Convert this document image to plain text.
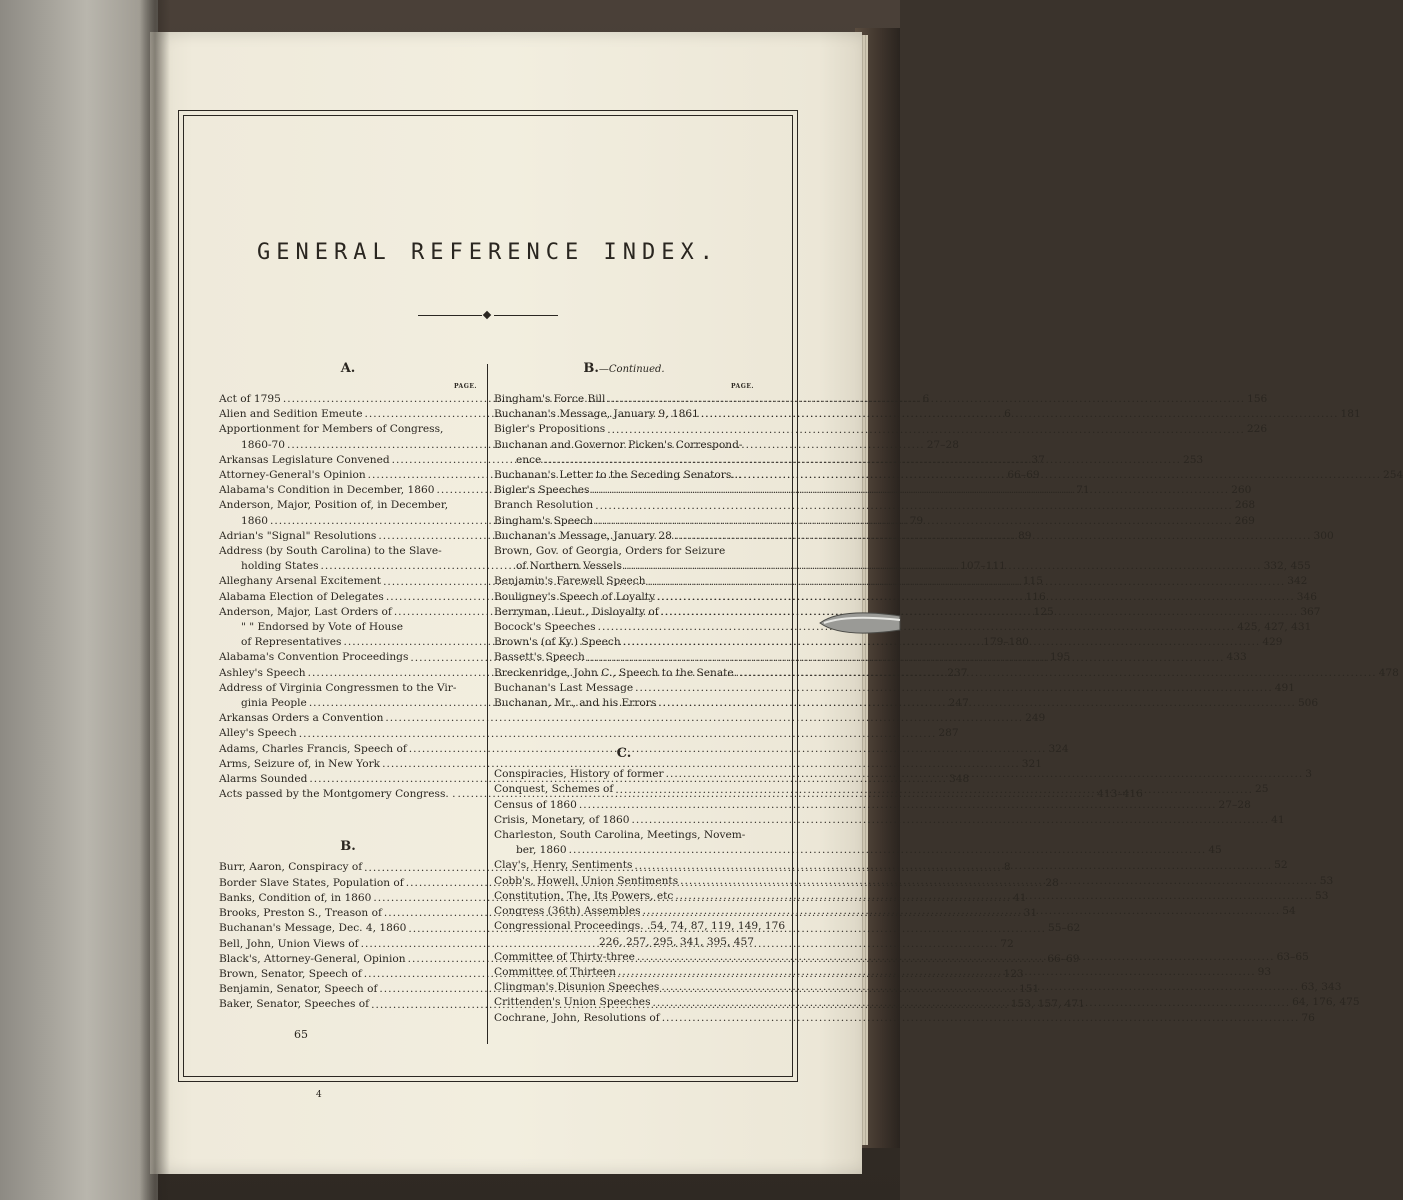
GENERAL REFERENCE INDEX.
A.
PAGE.
Act of 1795 .....	6
Alien and Sedition Emeute .....	6
Apportionment for Members of Congress,
1860-70 .....	27–28
Arkansas Legislature Convened .....	37
Attorney-General's Opinion .....	66–69
Alabama's Condition in December, 1860 .....	71
Anderson, Major, Position of, in December,
1860 .....	79
Adrian's "Signal" Resolutions .....	89
Address (by South Carolina) to the Slave-
holding States .....	107–111
Alleghany Arsenal Excitement .....	115
Alabama Election of Delegates .....	116
Anderson, Major, Last Orders of .....	125
" " Endorsed by Vote of House
of Representatives .....	179–180
Alabama's Convention Proceedings .....	195
Ashley's Speech .....	237
Address of Virginia Congressmen to the Vir-
ginia People .....	247
Arkansas Orders a Convention .....	249
Alley's Speech .....	287
Adams, Charles Francis, Speech of .....	324
Arms, Seizure of, in New York .....	321
Alarms Sounded .....	348
Acts passed by the Montgomery Congress. . .....	413–416
B.
Burr, Aaron, Conspiracy of .....	8
Border Slave States, Population of .....	28
Banks, Condition of, in 1860 .....	41
Brooks, Preston S., Treason of .....	31
Buchanan's Message, Dec. 4, 1860 .....	55–62
Bell, John, Union Views of .....	72
Black's, Attorney-General, Opinion .....	66–69
Brown, Senator, Speech of .....	123
Benjamin, Senator, Speech of .....	151
Baker, Senator, Speeches of .....	153, 157, 471
B.—Continued.
PAGE.
Bingham's Force Bill .....	156
Buchanan's Message, January 9, 1861 .....	181
Bigler's Propositions .....	226
Buchanan and Governor Picken's Correspond-
ence .....	253
Buchanan's Letter to the Seceding Senators... .....	254
Bigler's Speeches .....	260
Branch Resolution .....	268
Bingham's Speech .....	269
Buchanan's Message, January 28 .....	300
Brown, Gov. of Georgia, Orders for Seizure
of Northern Vessels .....	332, 455
Benjamin's Farewell Speech .....	342
Bouligney's Speech of Loyalty .....	346
Berryman, Lieut., Disloyalty of .....	367
Bocock's Speeches .....	425, 427, 431
Brown's (of Ky.) Speech .....	429
Bassett's Speech .....	433
Breckenridge, John C., Speech to the Senate. .....	478
Buchanan's Last Message .....	491
Buchanan, Mr., and his Errors .....	506
C.
Conspiracies, History of former .....	3
Conquest, Schemes of .....	25
Census of 1860 .....	27–28
Crisis, Monetary, of 1860 .....	41
Charleston, South Carolina, Meetings, Novem-
ber, 1860 .....	45
Clay's, Henry, Sentiments .....	52
Cobb's, Howell, Union Sentiments .....	53
Constitution, The, Its Powers, etc .....	53
Congress (36th) Assembles .....	54
Congressional Proceedings. .54, 74, 87, 119, 149, 176
226, 257, 295, 341, 395, 457
Committee of Thirty-three .....	63–65
Committee of Thirteen .....	93
Clingman's Disunion Speeches .....	63, 343
Crittenden's Union Speeches .....	64, 176, 475
Cochrane, John, Resolutions of .....	76
65
4
